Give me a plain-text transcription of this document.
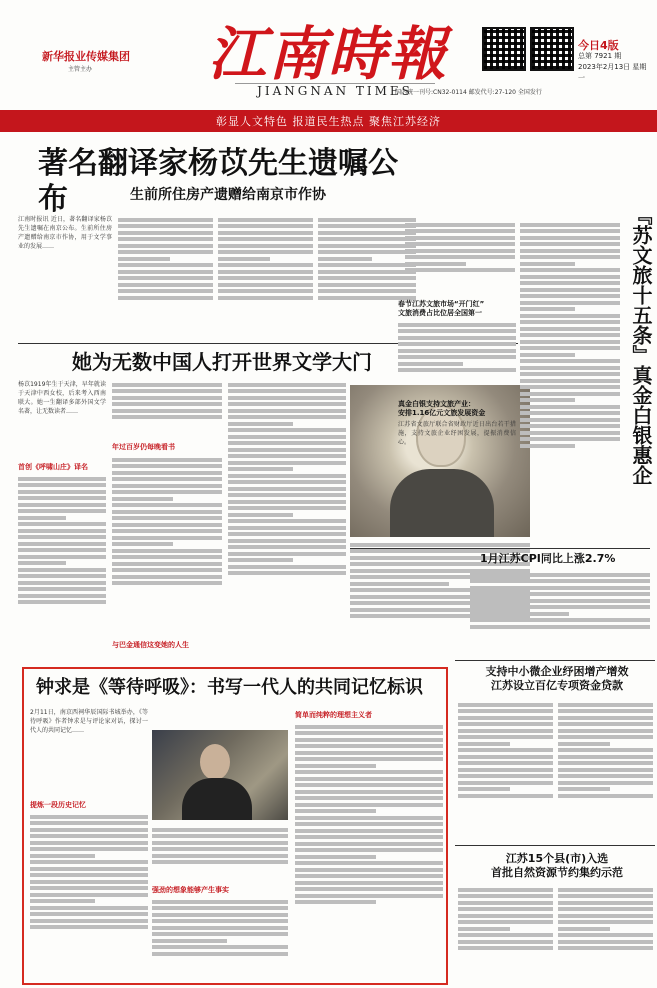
新华报业传媒集团
主管主办	江南時報
JIANGNAN TIMES
今日4版
总第 7921 期
2023年2月13日 星期一
国内统一刊号:CN32-0114 邮发代号:27-120 全国发行
彰显人文特色 报道民生热点 聚焦江苏经济
著名翻译家杨苡先生遗嘱公布	生前所住房产遗赠给南京市作协
江南时报讯 近日，著名翻译家杨苡先生遗嘱在南京公布。生前所住房产遗赠给南京市作协，用于文学事业的发展……
她为无数中国人打开世界文学大门
杨苡1919年生于天津，早年就读于天津中西女校，后来考入西南联大。她一生翻译多部外国文学名著，让无数读者……
首创《呼啸山庄》译名
年过百岁仍每晚看书
与巴金通信这变她的人生
春节江苏文旅市场“开门红”
文旅消费占比位居全国第一
真金白银支持文旅产业：
安排1.16亿元文旅发展资金
江苏省文旅厅联合省财政厅近日出台若干措施，支持文旅企业纾困发展，提振消费信心。	『苏文旅十五条』真金白银惠企
1月江苏CPI同比上涨2.7%
支持中小微企业纾困增产增效
江苏设立百亿专项资金贷款
江苏15个县(市)入选
首批自然资源节约集约示范
钟求是《等待呼吸》：书写一代人的共同记忆标识
2月11日，南京西祠华辰国际书城举办，《等待呼吸》作者钟求是与评论家对话，探讨一代人的共同记忆……
提炼一段历史记忆
强劲的想象能够产生事实
简单而纯粹的理想主义者
